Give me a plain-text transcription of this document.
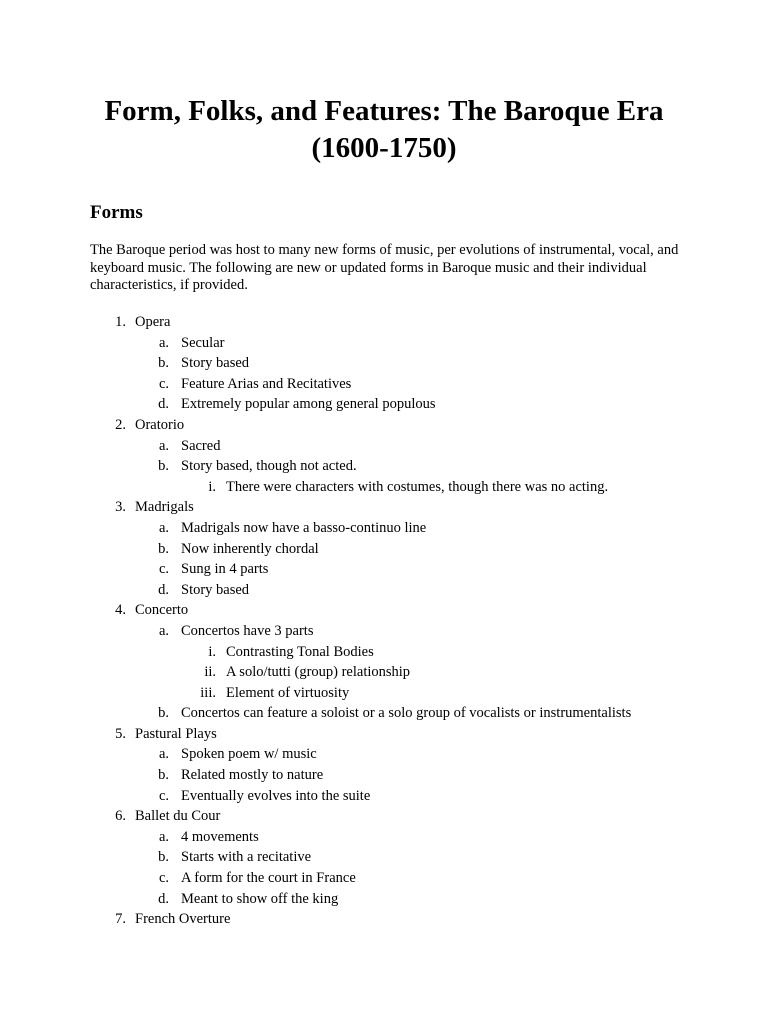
Form, Folks, and Features: The Baroque Era
(1600-1750)
Forms

The Baroque period was host to many new forms of music, per evolutions of instrumental, vocal, and keyboard music. The following are new or updated forms in Baroque music and their individual characteristics, if provided.

1. Opera
a. Secular
b. Story based
c. Feature Arias and Recitatives
d. Extremely popular among general populous
2. Oratorio
a. Sacred
b. Story based, though not acted.
i. There were characters with costumes, though there was no acting.
3. Madrigals
a. Madrigals now have a basso-continuo line
b. Now inherently chordal
c. Sung in 4 parts
d. Story based
4. Concerto
a. Concertos have 3 parts
i. Contrasting Tonal Bodies
ii. A solo/tutti (group) relationship
iii. Element of virtuosity
b. Concertos can feature a soloist or a solo group of vocalists or instrumentalists
5. Pastural Plays
a. Spoken poem w/ music
b. Related mostly to nature
c. Eventually evolves into the suite
6. Ballet du Cour
a. 4 movements
b. Starts with a recitative
c. A form for the court in France
d. Meant to show off the king
7. French Overture
